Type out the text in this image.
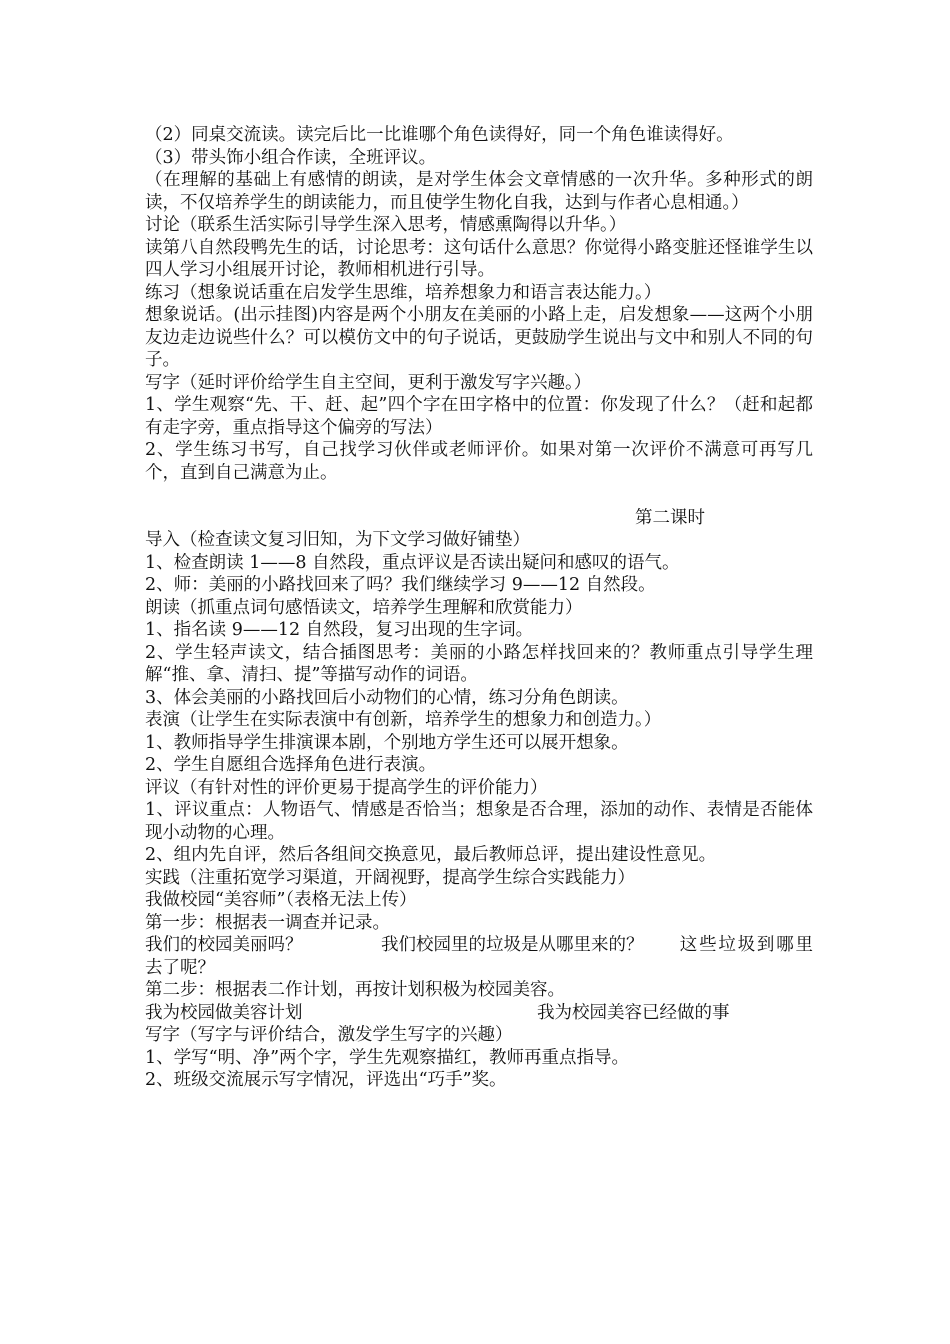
（2）同桌交流读。读完后比一比谁哪个角色读得好，同一个角色谁读得好。
（3）带头饰小组合作读，全班评议。
（在理解的基础上有感情的朗读，是对学生体会文章情感的一次升华。多种形式的朗读，不仅培养学生的朗读能力，而且使学生物化自我，达到与作者心息相通。）
讨论（联系生活实际引导学生深入思考，情感熏陶得以升华。）
读第八自然段鸭先生的话，讨论思考：这句话什么意思？你觉得小路变脏还怪谁学生以四人学习小组展开讨论，教师相机进行引导。
练习（想象说话重在启发学生思维，培养想象力和语言表达能力。）
想象说话。(出示挂图)内容是两个小朋友在美丽的小路上走，启发想象——这两个小朋友边走边说些什么？可以模仿文中的句子说话，更鼓励学生说出与文中和别人不同的句子。
写字（延时评价给学生自主空间，更利于激发写字兴趣。）
1、学生观察“先、干、赶、起”四个字在田字格中的位置：你发现了什么？（赶和起都有走字旁，重点指导这个偏旁的写法）
2、学生练习书写，自己找学习伙伴或老师评价。如果对第一次评价不满意可再写几个，直到自己满意为止。
第二课时
导入（检查读文复习旧知，为下文学习做好铺垫）
1、检查朗读 1——8 自然段，重点评议是否读出疑问和感叹的语气。
2、师：美丽的小路找回来了吗？我们继续学习 9——12 自然段。
朗读（抓重点词句感悟读文，培养学生理解和欣赏能力）
1、指名读 9——12 自然段，复习出现的生字词。
2、学生轻声读文，结合插图思考：美丽的小路怎样找回来的？教师重点引导学生理解“推、拿、清扫、提”等描写动作的词语。
3、体会美丽的小路找回后小动物们的心情，练习分角色朗读。
表演（让学生在实际表演中有创新，培养学生的想象力和创造力。）
1、教师指导学生排演课本剧，个别地方学生还可以展开想象。
2、学生自愿组合选择角色进行表演。
评议（有针对性的评价更易于提高学生的评价能力）
1、评议重点：人物语气、情感是否恰当；想象是否合理，添加的动作、表情是否能体现小动物的心理。
2、组内先自评，然后各组间交换意见，最后教师总评，提出建设性意见。
实践（注重拓宽学习渠道，开阔视野，提高学生综合实践能力）
我做校园“美容师”（表格无法上传）
第一步：根据表一调查并记录。
我们的校园美丽吗？	我们校园里的垃圾是从哪里来的？ 这些垃圾到哪里去了呢？
第二步：根据表二作计划，再按计划积极为校园美容。
我为校园做美容计划	我为校园美容已经做的事
写字（写字与评价结合，激发学生写字的兴趣）
1、学写“明、净”两个字，学生先观察描红，教师再重点指导。
2、班级交流展示写字情况，评选出“巧手”奖。
